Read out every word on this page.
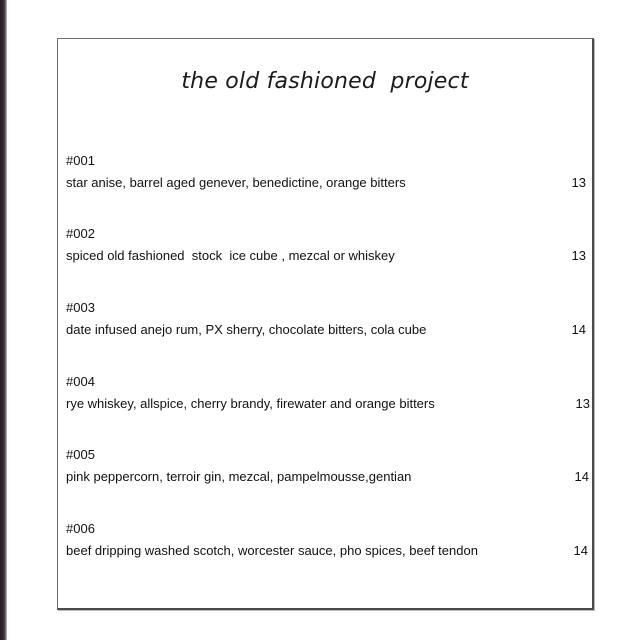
the old fashioned  project
#001
star anise, barrel aged genever, benedictine, orange bitters	13
#002
spiced old fashioned  stock  ice cube , mezcal or whiskey	13
#003
date infused anejo rum, PX sherry, chocolate bitters, cola cube	14
#004
rye whiskey, allspice, cherry brandy, firewater and orange bitters	13
#005
pink peppercorn, terroir gin, mezcal, pampelmousse,gentian	14
#006
beef dripping washed scotch, worcester sauce, pho spices, beef tendon	14
